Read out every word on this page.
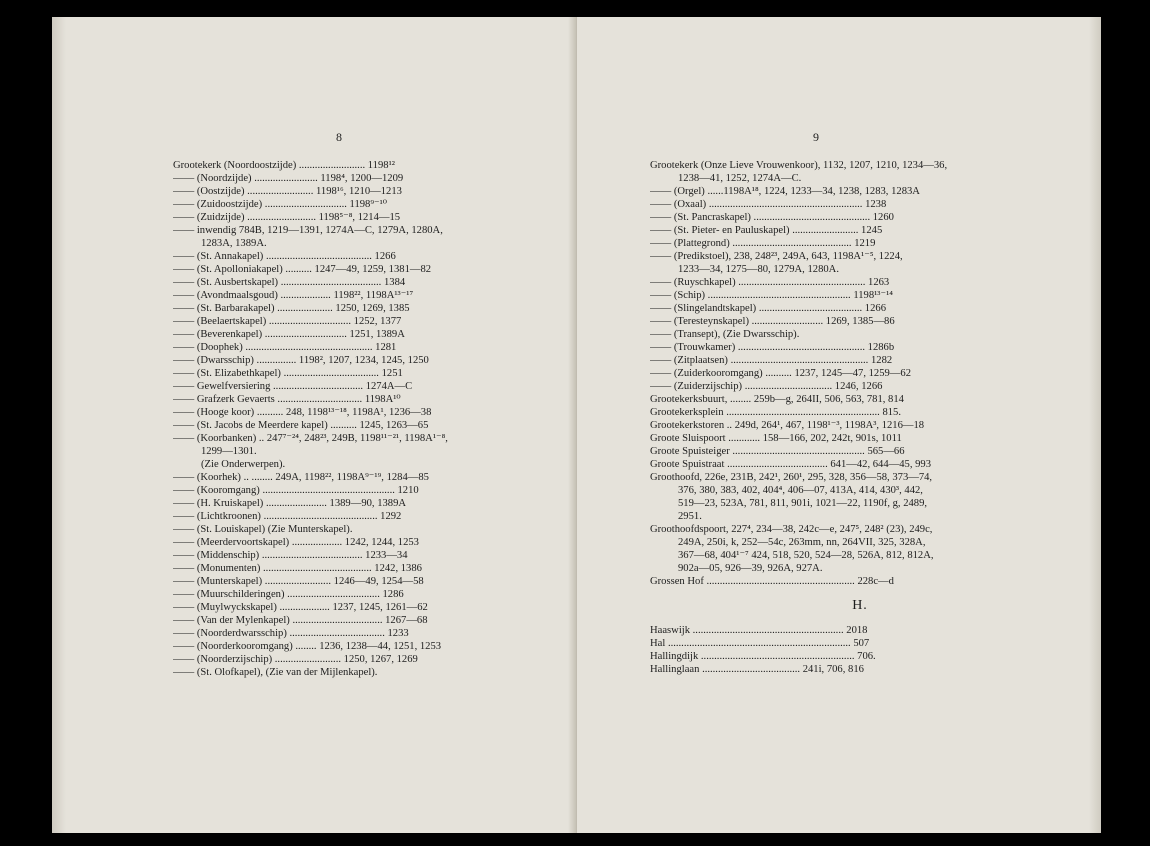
8
Grootekerk (Noordoostzijde) ......................... 1198¹²
—— (Noordzijde) ........................ 1198⁴, 1200—1209
—— (Oostzijde) ......................... 1198¹⁶, 1210—1213
—— (Zuidoostzijde) ............................... 1198⁹⁻¹⁰
—— (Zuidzijde) .......................... 1198⁵⁻⁸, 1214—15
—— inwendig 784B, 1219—1391, 1274A—C, 1279A, 1280A,
1283A, 1389A.
—— (St. Annakapel) ........................................ 1266
—— (St. Apolloniakapel) .......... 1247—49, 1259, 1381—82
—— (St. Ausbertskapel) ...................................... 1384
—— (Avondmaalsgoud) ................... 1198²², 1198A¹³⁻¹⁷
—— (St. Barbarakapel) ..................... 1250, 1269, 1385
—— (Beelaertskapel) ............................... 1252, 1377
—— (Beverenkapel) ............................... 1251, 1389A
—— (Doophek) ................................................ 1281
—— (Dwarsschip) ............... 1198², 1207, 1234, 1245, 1250
—— (St. Elizabethkapel) .................................... 1251
—— Gewelfversiering .................................. 1274A—C
—— Grafzerk Gevaerts ................................ 1198A¹⁰
—— (Hooge koor) .......... 248, 1198¹³⁻¹⁸, 1198A¹, 1236—38
—— (St. Jacobs de Meerdere kapel) .......... 1245, 1263—65
—— (Koorbanken) .. 247⁷⁻²⁴, 248²³, 249B, 1198¹¹⁻²¹, 1198A¹⁻⁸,
1299—1301.
(Zie Onderwerpen).
—— (Koorhek) .. ........ 249A, 1198²², 1198A⁹⁻¹⁹, 1284—85
—— (Kooromgang) .................................................. 1210
—— (H. Kruiskapel) ....................... 1389—90, 1389A
—— (Lichtkroonen) ........................................... 1292
—— (St. Louiskapel) (Zie Munterskapel).
—— (Meerdervoortskapel) ................... 1242, 1244, 1253
—— (Middenschip) ...................................... 1233—34
—— (Monumenten) ......................................... 1242, 1386
—— (Munterskapel) ......................... 1246—49, 1254—58
—— (Muurschilderingen) ................................... 1286
—— (Muylwyckskapel) ................... 1237, 1245, 1261—62
—— (Van der Mylenkapel) .................................. 1267—68
—— (Noorderdwarsschip) .................................... 1233
—— (Noorderkooromgang) ........ 1236, 1238—44, 1251, 1253
—— (Noorderzijschip) ......................... 1250, 1267, 1269
—— (St. Olofkapel), (Zie van der Mijlenkapel).
9
Grootekerk (Onze Lieve Vrouwenkoor), 1132, 1207, 1210, 1234—36,
1238—41, 1252, 1274A—C.
—— (Orgel) ......1198A¹⁸, 1224, 1233—34, 1238, 1283, 1283A
—— (Oxaal) .......................................................... 1238
—— (St. Pancraskapel) ............................................ 1260
—— (St. Pieter- en Pauluskapel) ......................... 1245
—— (Plattegrond) ............................................. 1219
—— (Predikstoel), 238, 248²³, 249A, 643, 1198A¹⁻⁵, 1224,
1233—34, 1275—80, 1279A, 1280A.
—— (Ruyschkapel) ................................................ 1263
—— (Schip) ...................................................... 1198¹³⁻¹⁴
—— (Slingelandtskapel) ....................................... 1266
—— (Teresteynskapel) ........................... 1269, 1385—86
—— (Transept), (Zie Dwarsschip).
—— (Trouwkamer) ................................................ 1286b
—— (Zitplaatsen) .................................................... 1282
—— (Zuiderkooromgang) .......... 1237, 1245—47, 1259—62
—— (Zuiderzijschip) ................................. 1246, 1266
Grootekerksbuurt, ........ 259b—g, 264II, 506, 563, 781, 814
Grootekerksplein .......................................................... 815.
Grootekerkstoren .. 249d, 264¹, 467, 1198¹⁻³, 1198A³, 1216—18
Groote Sluispoort ............ 158—166, 202, 242t, 901s, 1011
Groote Spuisteiger .................................................. 565—66
Groote Spuistraat ...................................... 641—42, 644—45, 993
Groothoofd, 226e, 231B, 242¹, 260¹, 295, 328, 356—58, 373—74,
376, 380, 383, 402, 404⁴, 406—07, 413A, 414, 430³, 442,
519—23, 523A, 781, 811, 901i, 1021—22, 1190f, g, 2489,
2951.
Groothoofdspoort, 227⁴, 234—38, 242c—e, 247⁵, 248² (23), 249c,
249A, 250i, k, 252—54c, 263mm, nn, 264VII, 325, 328A,
367—68, 404¹⁻⁷ 424, 518, 520, 524—28, 526A, 812, 812A,
902a—05, 926—39, 926A, 927A.
Grossen Hof ........................................................ 228c—d
H.
Haaswijk ......................................................... 2018
Hal ..................................................................... 507
Hallingdijk .......................................................... 706.
Hallinglaan ..................................... 241i, 706, 816
